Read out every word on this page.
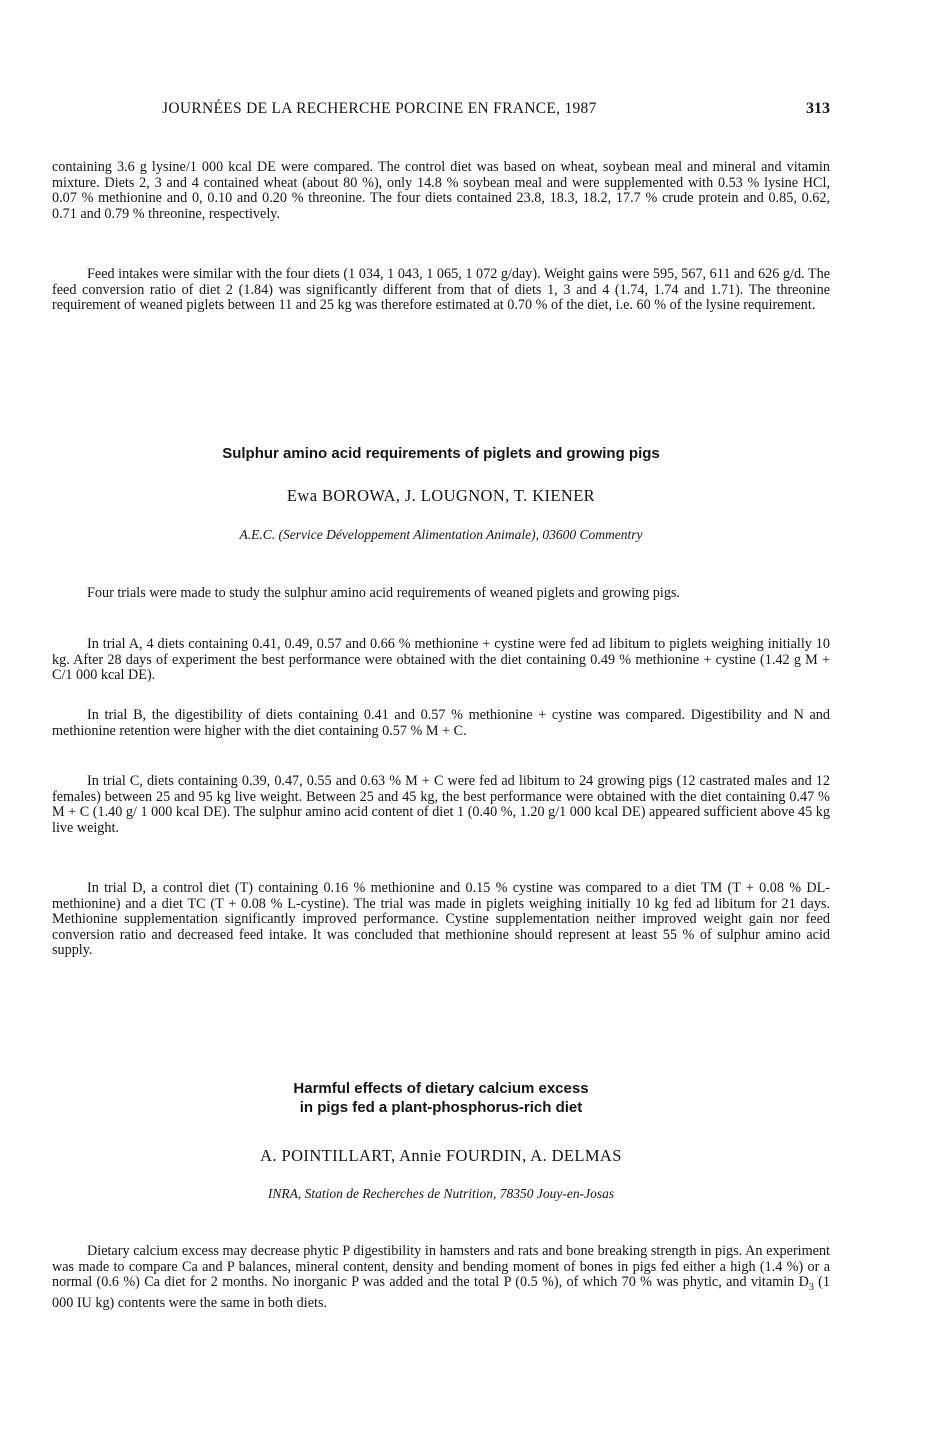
JOURNÉES DE LA RECHERCHE PORCINE EN FRANCE, 1987	313

containing 3.6 g lysine/1 000 kcal DE were compared. The control diet was based on wheat, soybean meal and mineral and vitamin mixture. Diets 2, 3 and 4 contained wheat (about 80 %), only 14.8 % soybean meal and were supplemented with 0.53 % lysine HCl, 0.07 % methionine and 0, 0.10 and 0.20 % threonine. The four diets contained 23.8, 18.3, 18.2, 17.7 % crude protein and 0.85, 0.62, 0.71 and 0.79 % threonine, respectively.

Feed intakes were similar with the four diets (1 034, 1 043, 1 065, 1 072 g/day). Weight gains were 595, 567, 611 and 626 g/d. The feed conversion ratio of diet 2 (1.84) was significantly different from that of diets 1, 3 and 4 (1.74, 1.74 and 1.71). The threonine requirement of weaned piglets between 11 and 25 kg was therefore estimated at 0.70 % of the diet, i.e. 60 % of the lysine requirement.

Sulphur amino acid requirements of piglets and growing pigs
Ewa BOROWA, J. LOUGNON, T. KIENER
A.E.C. (Service Développement Alimentation Animale), 03600 Commentry

Four trials were made to study the sulphur amino acid requirements of weaned piglets and growing pigs.

In trial A, 4 diets containing 0.41, 0.49, 0.57 and 0.66 % methionine + cystine were fed ad libitum to piglets weighing initially 10 kg. After 28 days of experiment the best performance were obtained with the diet containing 0.49 % methionine + cystine (1.42 g M + C/1 000 kcal DE).

In trial B, the digestibility of diets containing 0.41 and 0.57 % methionine + cystine was compared. Digestibility and N and methionine retention were higher with the diet containing 0.57 % M + C.

In trial C, diets containing 0.39, 0.47, 0.55 and 0.63 % M + C were fed ad libitum to 24 growing pigs (12 castrated males and 12 females) between 25 and 95 kg live weight. Between 25 and 45 kg, the best performance were obtained with the diet containing 0.47 % M + C (1.40 g/ 1 000 kcal DE). The sulphur amino acid content of diet 1 (0.40 %, 1.20 g/1 000 kcal DE) appeared sufficient above 45 kg live weight.

In trial D, a control diet (T) containing 0.16 % methionine and 0.15 % cystine was compared to a diet TM (T + 0.08 % DL-methionine) and a diet TC (T + 0.08 % L-cystine). The trial was made in piglets weighing initially 10 kg fed ad libitum for 21 days. Methionine supplementation significantly improved performance. Cystine supplementation neither improved weight gain nor feed conversion ratio and decreased feed intake. It was concluded that methionine should represent at least 55 % of sulphur amino acid supply.

Harmful effects of dietary calcium excess
in pigs fed a plant-phosphorus-rich diet
A. POINTILLART, Annie FOURDIN, A. DELMAS
INRA, Station de Recherches de Nutrition, 78350 Jouy-en-Josas

Dietary calcium excess may decrease phytic P digestibility in hamsters and rats and bone breaking strength in pigs. An experiment was made to compare Ca and P balances, mineral content, density and bending moment of bones in pigs fed either a high (1.4 %) or a normal (0.6 %) Ca diet for 2 months. No inorganic P was added and the total P (0.5 %), of which 70 % was phytic, and vitamin $D_3$ (1 000 IU kg) contents were the same in both diets.
